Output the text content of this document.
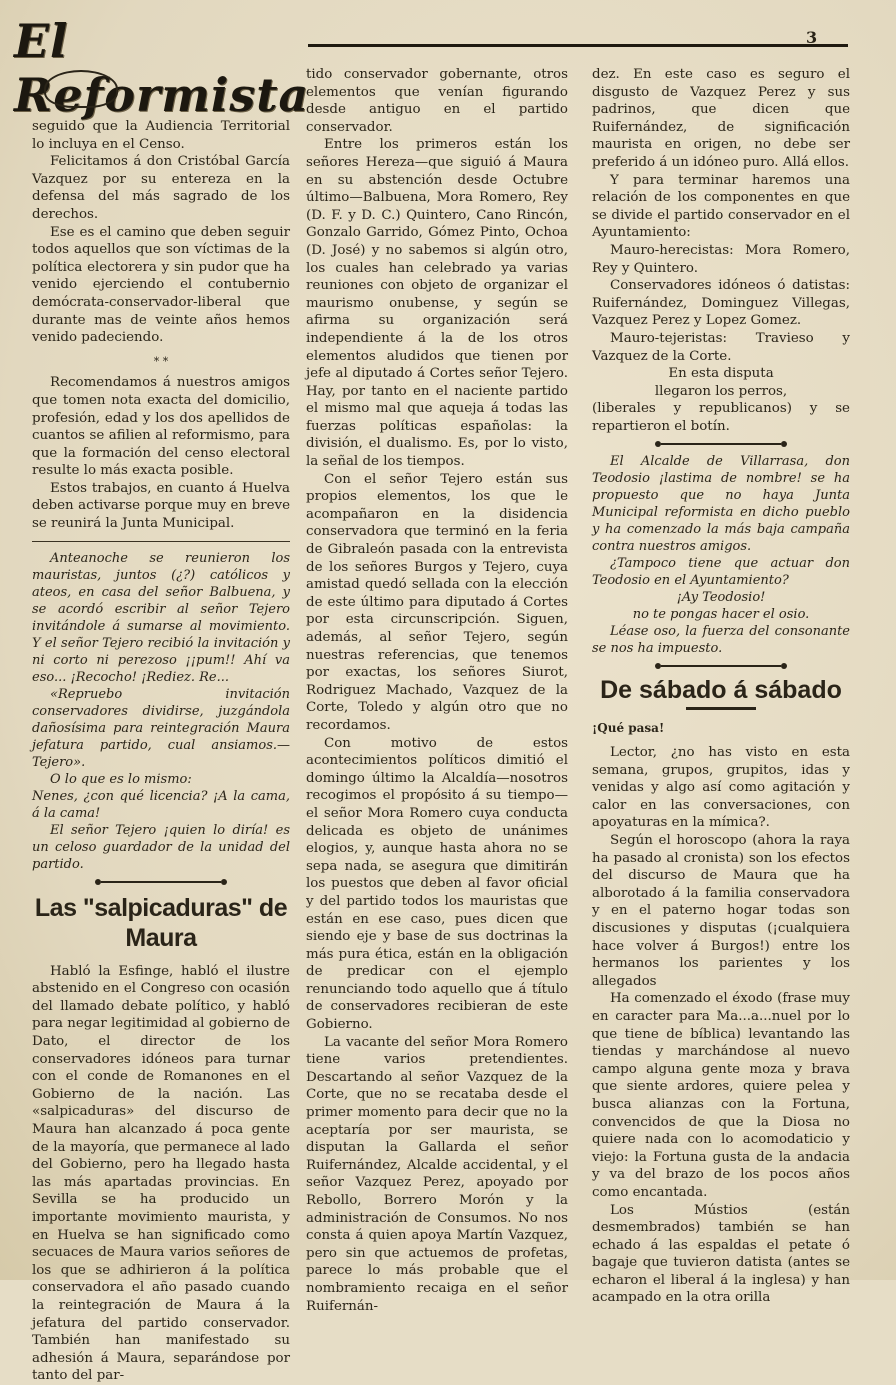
El Reformista
3

seguido que la Audiencia Territorial lo incluya en el Censo.

Felicitamos á don Cristóbal García Vazquez por su entereza en la defensa del más sagrado de los derechos.

Ese es el camino que deben seguir todos aquellos que son víctimas de la política electorera y sin pudor que ha venido ejerciendo el contubernio demócrata-conservador-liberal que durante mas de veinte años hemos venido padeciendo.

* *

Recomendamos á nuestros amigos que tomen nota exacta del domicilio, profesión, edad y los dos apellidos de cuantos se afilien al reformismo, para que la formación del censo electoral resulte lo más exacta posible.

Estos trabajos, en cuanto á Huelva deben activarse porque muy en breve se reunirá la Junta Municipal.

Anteanoche se reunieron los mauristas, juntos (¿?) católicos y ateos, en casa del señor Balbuena, y se acordó escribir al señor Tejero invitándole á sumarse al movimiento. Y el señor Tejero recibió la invitación y ni corto ni perezoso ¡¡pum!! Ahí va eso... ¡Recocho! ¡Rediez. Re...

«Repruebo invitación conservadores dividirse, juzgándola dañosísima para reintegración Maura jefatura partido, cual ansiamos.—Tejero».

O lo que es lo mismo:

Nenes, ¿con qué licencia? ¡A la cama, á la cama!

El señor Tejero ¡quien lo diría! es un celoso guardador de la unidad del partido.

Las "salpicaduras" de Maura

Habló la Esfinge, habló el ilustre abstenido en el Congreso con ocasión del llamado debate político, y habló para negar legitimidad al gobierno de Dato, el director de los conservadores idóneos para turnar con el conde de Romanones en el Gobierno de la nación. Las «salpicaduras» del discurso de Maura han alcanzado á poca gente de la mayoría, que permanece al lado del Gobierno, pero ha llegado hasta las más apartadas provincias. En Sevilla se ha producido un importante movimiento maurista, y en Huelva se han significado como secuaces de Maura varios señores de los que se adhirieron á la política conservadora el año pasado cuando la reintegración de Maura á la jefatura del partido conservador. También han manifestado su adhesión á Maura, separándose por tanto del par-

tido conservador gobernante, otros elementos que venían figurando desde antiguo en el partido conservador.

Entre los primeros están los señores Hereza—que siguió á Maura en su abstención desde Octubre último—Balbuena, Mora Romero, Rey (D. F. y D. C.) Quintero, Cano Rincón, Gonzalo Garrido, Gómez Pinto, Ochoa (D. José) y no sabemos si algún otro, los cuales han celebrado ya varias reuniones con objeto de organizar el maurismo onubense, y según se afirma su organización será independiente á la de los otros elementos aludidos que tienen por jefe al diputado á Cortes señor Tejero. Hay, por tanto en el naciente partido el mismo mal que aqueja á todas las fuerzas políticas españolas: la división, el dualismo. Es, por lo visto, la señal de los tiempos.

Con el señor Tejero están sus propios elementos, los que le acompañaron en la disidencia conservadora que terminó en la feria de Gibraleón pasada con la entrevista de los señores Burgos y Tejero, cuya amistad quedó sellada con la elección de este último para diputado á Cortes por esta circunscripción. Siguen, además, al señor Tejero, según nuestras referencias, que tenemos por exactas, los señores Siurot, Rodriguez Machado, Vazquez de la Corte, Toledo y algún otro que no recordamos.

Con motivo de estos acontecimientos políticos dimitió el domingo último la Alcaldía—nosotros recogimos el propósito á su tiempo—el señor Mora Romero cuya conducta delicada es objeto de unánimes elogios, y, aunque hasta ahora no se sepa nada, se asegura que dimitirán los puestos que deben al favor oficial y del partido todos los mauristas que están en ese caso, pues dicen que siendo eje y base de sus doctrinas la más pura ética, están en la obligación de predicar con el ejemplo renunciando todo aquello que á título de conservadores recibieran de este Gobierno.

La vacante del señor Mora Romero tiene varios pretendientes. Descartando al señor Vazquez de la Corte, que no se recataba desde el primer momento para decir que no la aceptaría por ser maurista, se disputan la Gallarda el señor Ruifernández, Alcalde accidental, y el señor Vazquez Perez, apoyado por Rebollo, Borrero Morón y la administración de Consumos. No nos consta á quien apoya Martín Vazquez, pero sin que actuemos de profetas, parece lo más probable que el nombramiento recaiga en el señor Ruifernán-

dez. En este caso es seguro el disgusto de Vazquez Perez y sus padrinos, que dicen que Ruifernández, de significación maurista en origen, no debe ser preferido á un idóneo puro. Allá ellos.

Y para terminar haremos una relación de los componentes en que se divide el partido conservador en el Ayuntamiento:

Mauro-herecistas: Mora Romero, Rey y Quintero.

Conservadores idóneos ó datistas: Ruifernández, Dominguez Villegas, Vazquez Perez y Lopez Gomez.

Mauro-tejeristas: Travieso y Vazquez de la Corte.

En esta disputa

llegaron los perros,

(liberales y republicanos) y se repartieron el botín.

El Alcalde de Villarrasa, don Teodosio ¡lastima de nombre! se ha propuesto que no haya Junta Municipal reformista en dicho pueblo y ha comenzado la más baja campaña contra nuestros amigos.

¿Tampoco tiene que actuar don Teodosio en el Ayuntamiento?

¡Ay Teodosio!

no te pongas hacer el osio.

Léase oso, la fuerza del consonante se nos ha impuesto.

De sábado á sábado
¡Qué pasa!

Lector, ¿no has visto en esta semana, grupos, grupitos, idas y venidas y algo así como agitación y calor en las conversaciones, con apoyaturas en la mímica?.

Según el horoscopo (ahora la raya ha pasado al cronista) son los efectos del discurso de Maura que ha alborotado á la familia conservadora y en el paterno hogar todas son discusiones y disputas (¡cualquiera hace volver á Burgos!) entre los hermanos los parientes y los allegados

Ha comenzado el éxodo (frase muy en caracter para Ma...a...nuel por lo que tiene de bíblica) levantando las tiendas y marchándose al nuevo campo alguna gente moza y brava que siente ardores, quiere pelea y busca alianzas con la Fortuna, convencidos de que la Diosa no quiere nada con lo acomodaticio y viejo: la Fortuna gusta de la andacia y va del brazo de los pocos años como encantada.

Los Mústios (están desmembrados) también se han echado á las espaldas el petate ó bagaje que tuvieron datista (antes se echaron el liberal á la inglesa) y han acampado en la otra orilla
